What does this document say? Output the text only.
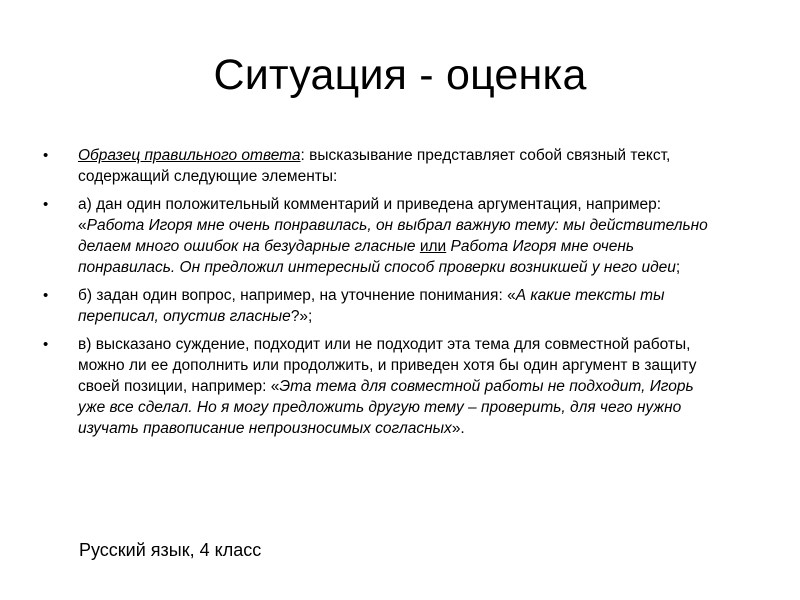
Ситуация - оценка
• Образец правильного ответа: высказывание представляет собой связный текст, содержащий следующие элементы:
• а) дан один положительный комментарий и приведена аргументация, например: «Работа Игоря мне очень понравилась, он выбрал важную тему: мы действительно делаем много ошибок на безударные гласные или Работа Игоря мне очень понравилась. Он предложил интересный способ проверки возникшей у него идеи;
• б) задан один вопрос, например, на уточнение понимания: «А какие тексты ты переписал, опустив гласные?»;
• в) высказано суждение, подходит или не подходит эта тема для совместной работы, можно ли ее дополнить или продолжить, и приведен хотя бы один аргумент в защиту своей позиции, например: «Эта тема для совместной работы не подходит, Игорь уже все сделал. Но я могу предложить другую тему – проверить, для чего нужно изучать правописание непроизносимых согласных».
Русский язык, 4 класс
